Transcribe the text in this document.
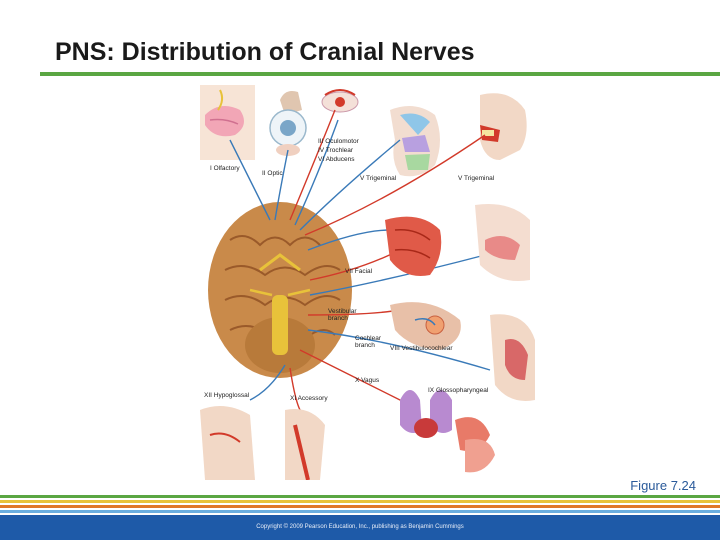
PNS: Distribution of Cranial Nerves
I Olfactory
II Optic
III Oculomotor
IV Trochlear
VI Abducens
V Trigeminal	V Trigeminal
VII Facial
Vestibular branch
Cochlear branch	VIII Vestibulocochlear
X Vagus
IX Glossopharyngeal
XII Hypoglossal	XI Accessory
Figure 7.24
Copyright © 2009 Pearson Education, Inc., publishing as Benjamin Cummings
